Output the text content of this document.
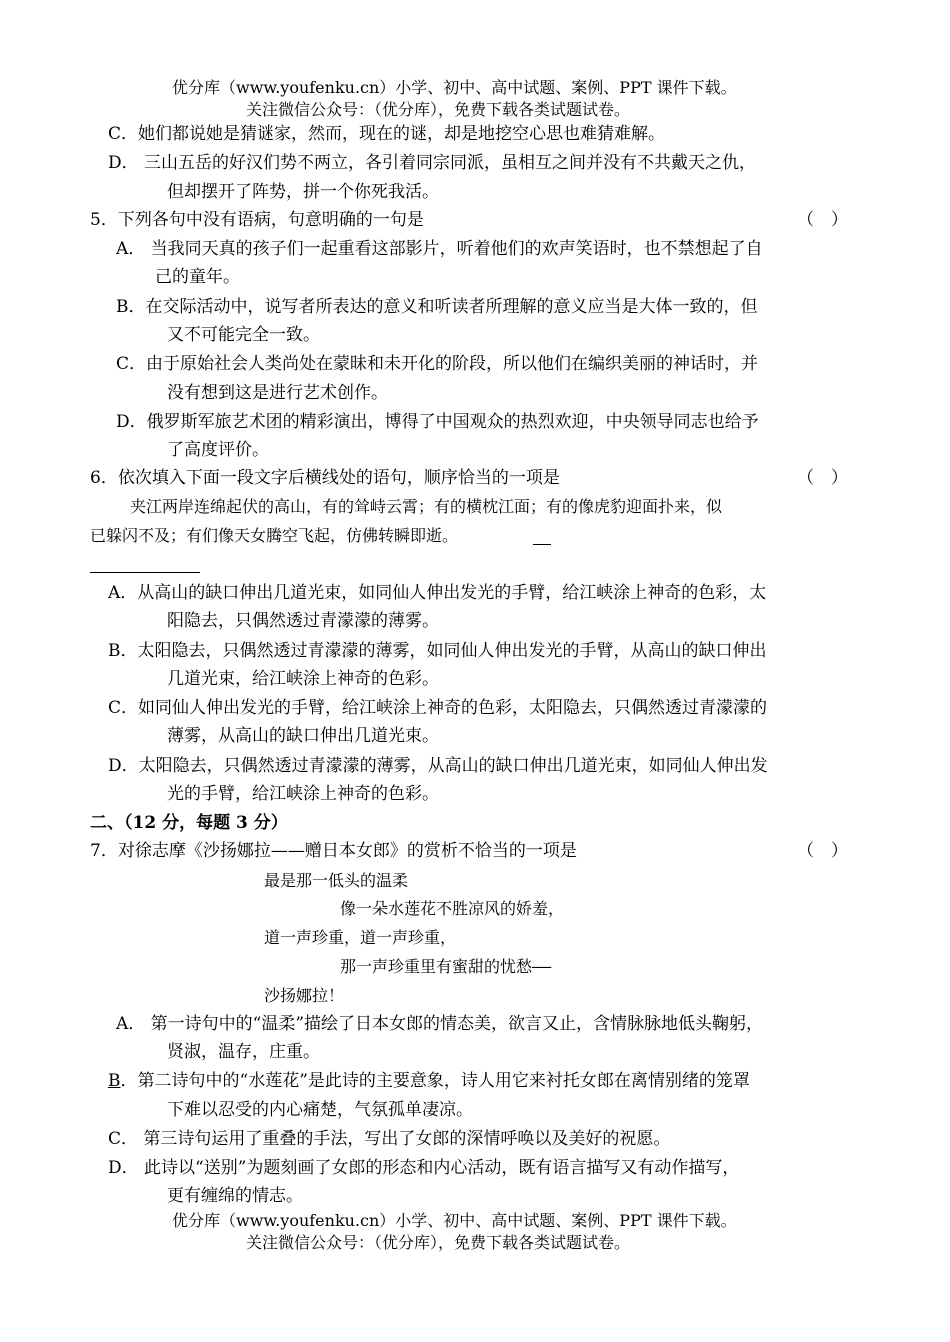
优分库（www.youfenku.cn）小学、初中、高中试题、案例、PPT 课件下载。
关注微信公众号：（优分库），免费下载各类试题试卷。
C．她们都说她是猜谜家，然而，现在的谜，却是地挖空心思也难猜难解。
D． 三山五岳的好汉们势不两立，各引着同宗同派，虽相互之间并没有不共戴天之仇，
但却摆开了阵势，拼一个你死我活。
5．下列各句中没有语病，句意明确的一句是	（　）
A． 当我同天真的孩子们一起重看这部影片，听着他们的欢声笑语时，也不禁想起了自
己的童年。
B．在交际活动中，说写者所表达的意义和听读者所理解的意义应当是大体一致的，但
又不可能完全一致。
C．由于原始社会人类尚处在蒙昧和未开化的阶段，所以他们在编织美丽的神话时，并
没有想到这是进行艺术创作。
D．俄罗斯军旅艺术团的精彩演出，博得了中国观众的热烈欢迎，中央领导同志也给予
了高度评价。
6．依次填入下面一段文字后横线处的语句，顺序恰当的一项是	（　）
夹江两岸连绵起伏的高山，有的耸峙云霄；有的横枕江面；有的像虎豹迎面扑来，似
已躲闪不及；有们像天女腾空飞起，仿佛转瞬即逝。
A．从高山的缺口伸出几道光束，如同仙人伸出发光的手臂，给江峡涂上神奇的色彩，太
阳隐去，只偶然透过青濛濛的薄雾。
B．太阳隐去，只偶然透过青濛濛的薄雾，如同仙人伸出发光的手臂，从高山的缺口伸出
几道光束，给江峡涂上神奇的色彩。
C．如同仙人伸出发光的手臂，给江峡涂上神奇的色彩，太阳隐去，只偶然透过青濛濛的
薄雾，从高山的缺口伸出几道光束。
D．太阳隐去，只偶然透过青濛濛的薄雾，从高山的缺口伸出几道光束，如同仙人伸出发
光的手臂，给江峡涂上神奇的色彩。
二、（12 分，每题 3 分）
7．对徐志摩《沙扬娜拉——赠日本女郎》的赏析不恰当的一项是	（　）
最是那一低头的温柔
像一朵水莲花不胜凉风的娇羞，
道一声珍重，道一声珍重，
那一声珍重里有蜜甜的忧愁——
沙扬娜拉！
A． 第一诗句中的“温柔”描绘了日本女郎的情态美，欲言又止，含情脉脉地低头鞠躬，
贤淑，温存，庄重。
B．第二诗句中的“水莲花”是此诗的主要意象，诗人用它来衬托女郎在离情别绪的笼罩
下难以忍受的内心痛楚，气氛孤单凄凉。
C． 第三诗句运用了重叠的手法，写出了女郎的深情呼唤以及美好的祝愿。
D． 此诗以“送别”为题刻画了女郎的形态和内心活动，既有语言描写又有动作描写，
更有缠绵的情志。
优分库（www.youfenku.cn）小学、初中、高中试题、案例、PPT 课件下载。
关注微信公众号：（优分库），免费下载各类试题试卷。
